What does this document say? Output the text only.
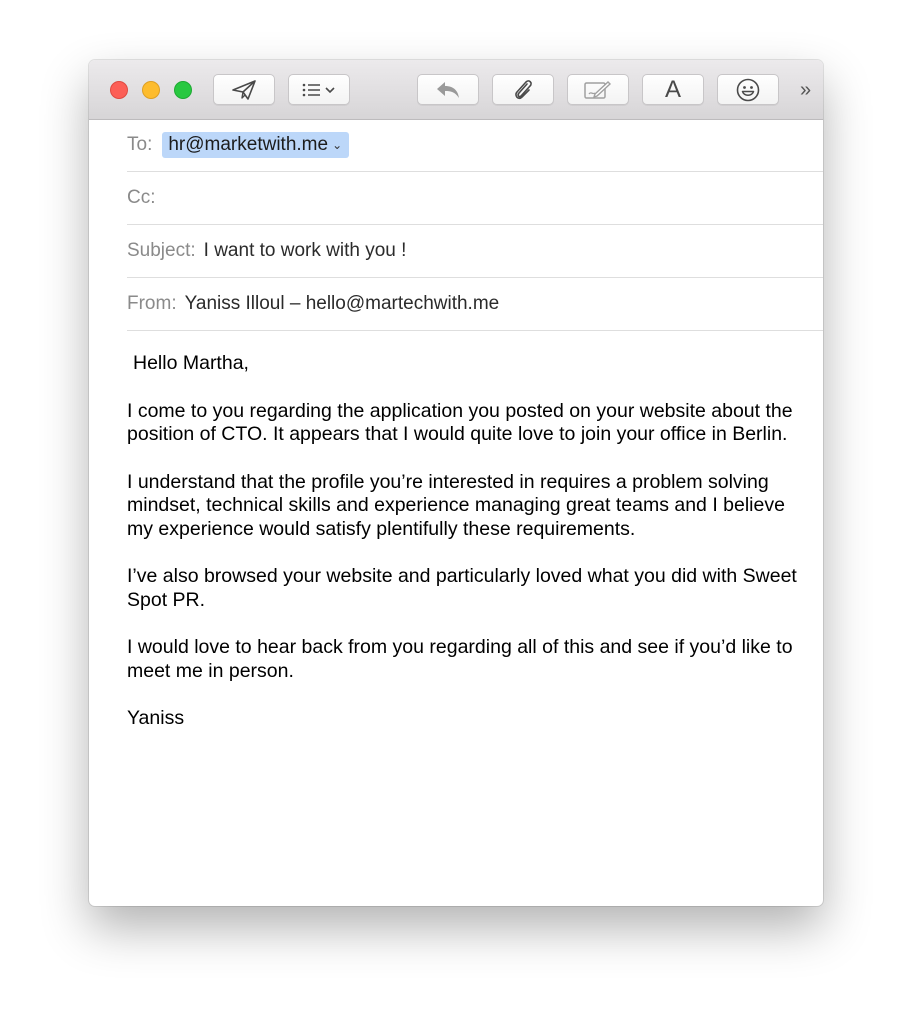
A	»
To: hr@marketwith.me ⌄
Cc:
Subject: I want to work with you !
From: Yaniss Illoul – hello@martechwith.me

Hello Martha,

I come to you regarding the application you posted on your website about the position of CTO. It appears that I would quite love to join your office in Berlin.

I understand that the profile you’re interested in requires a problem solving mindset, technical skills and experience managing great teams and I believe my experience would satisfy plentifully these requirements.

I’ve also browsed your website and particularly loved what you did with Sweet Spot PR.

I would love to hear back from you regarding all of this and see if you’d like to meet me in person.

Yaniss
